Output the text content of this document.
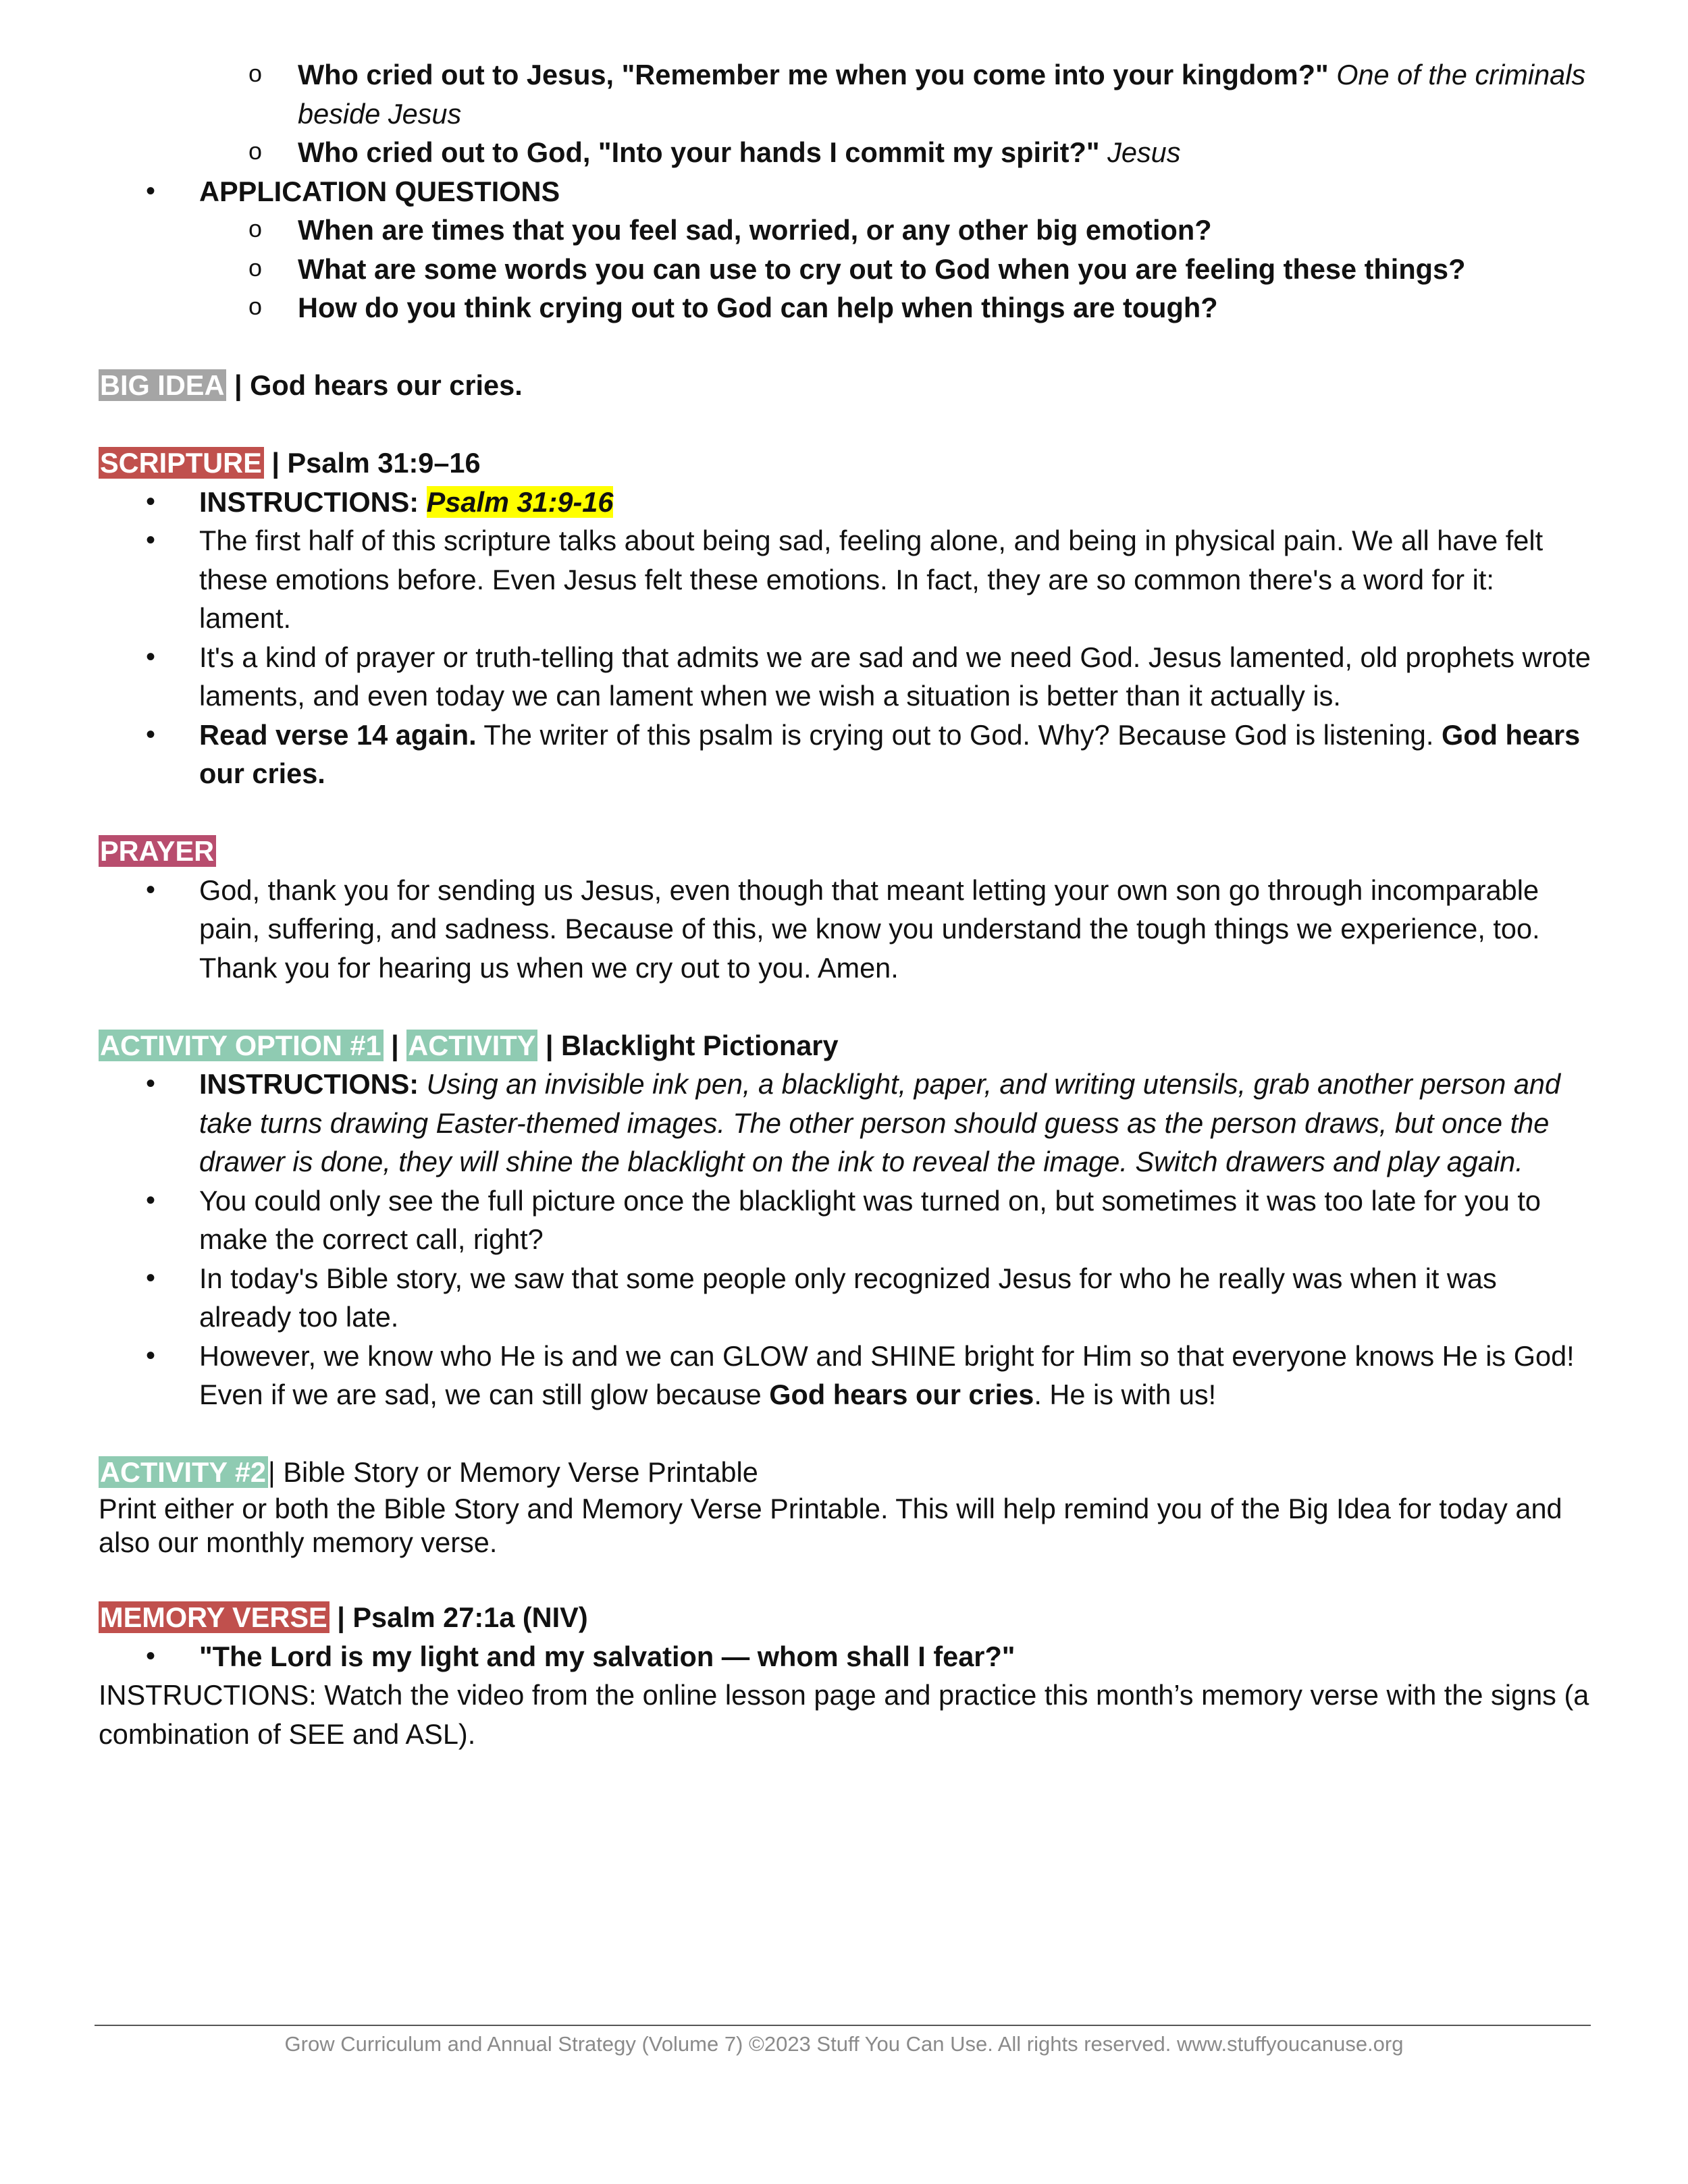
o Who cried out to Jesus, "Remember me when you come into your kingdom?" One of the criminals beside Jesus
o Who cried out to God, "Into your hands I commit my spirit?" Jesus
• APPLICATION QUESTIONS
o When are times that you feel sad, worried, or any other big emotion?
o What are some words you can use to cry out to God when you are feeling these things?
o How do you think crying out to God can help when things are tough?

BIG IDEA | God hears our cries.

SCRIPTURE | Psalm 31:9–16

• INSTRUCTIONS: Psalm 31:9-16
• The first half of this scripture talks about being sad, feeling alone, and being in physical pain. We all have felt these emotions before. Even Jesus felt these emotions. In fact, they are so common there's a word for it: lament.
• It's a kind of prayer or truth-telling that admits we are sad and we need God. Jesus lamented, old prophets wrote laments, and even today we can lament when we wish a situation is better than it actually is.
• Read verse 14 again. The writer of this psalm is crying out to God. Why? Because God is listening. God hears our cries.

PRAYER

• God, thank you for sending us Jesus, even though that meant letting your own son go through incomparable pain, suffering, and sadness. Because of this, we know you understand the tough things we experience, too. Thank you for hearing us when we cry out to you. Amen.

ACTIVITY OPTION #1 | ACTIVITY | Blacklight Pictionary

• INSTRUCTIONS: Using an invisible ink pen, a blacklight, paper, and writing utensils, grab another person and take turns drawing Easter-themed images. The other person should guess as the person draws, but once the drawer is done, they will shine the blacklight on the ink to reveal the image. Switch drawers and play again.
• You could only see the full picture once the blacklight was turned on, but sometimes it was too late for you to make the correct call, right?
• In today's Bible story, we saw that some people only recognized Jesus for who he really was when it was already too late.
• However, we know who He is and we can GLOW and SHINE bright for Him so that everyone knows He is God! Even if we are sad, we can still glow because God hears our cries. He is with us!

ACTIVITY #2| Bible Story or Memory Verse Printable

Print either or both the Bible Story and Memory Verse Printable. This will help remind you of the Big Idea for today and also our monthly memory verse.

MEMORY VERSE | Psalm 27:1a (NIV)

• "The Lord is my light and my salvation — whom shall I fear?"

INSTRUCTIONS: Watch the video from the online lesson page and practice this month’s memory verse with the signs (a combination of SEE and ASL).

Grow Curriculum and Annual Strategy (Volume 7) ©2023 Stuff You Can Use. All rights reserved. www.stuffyoucanuse.org
